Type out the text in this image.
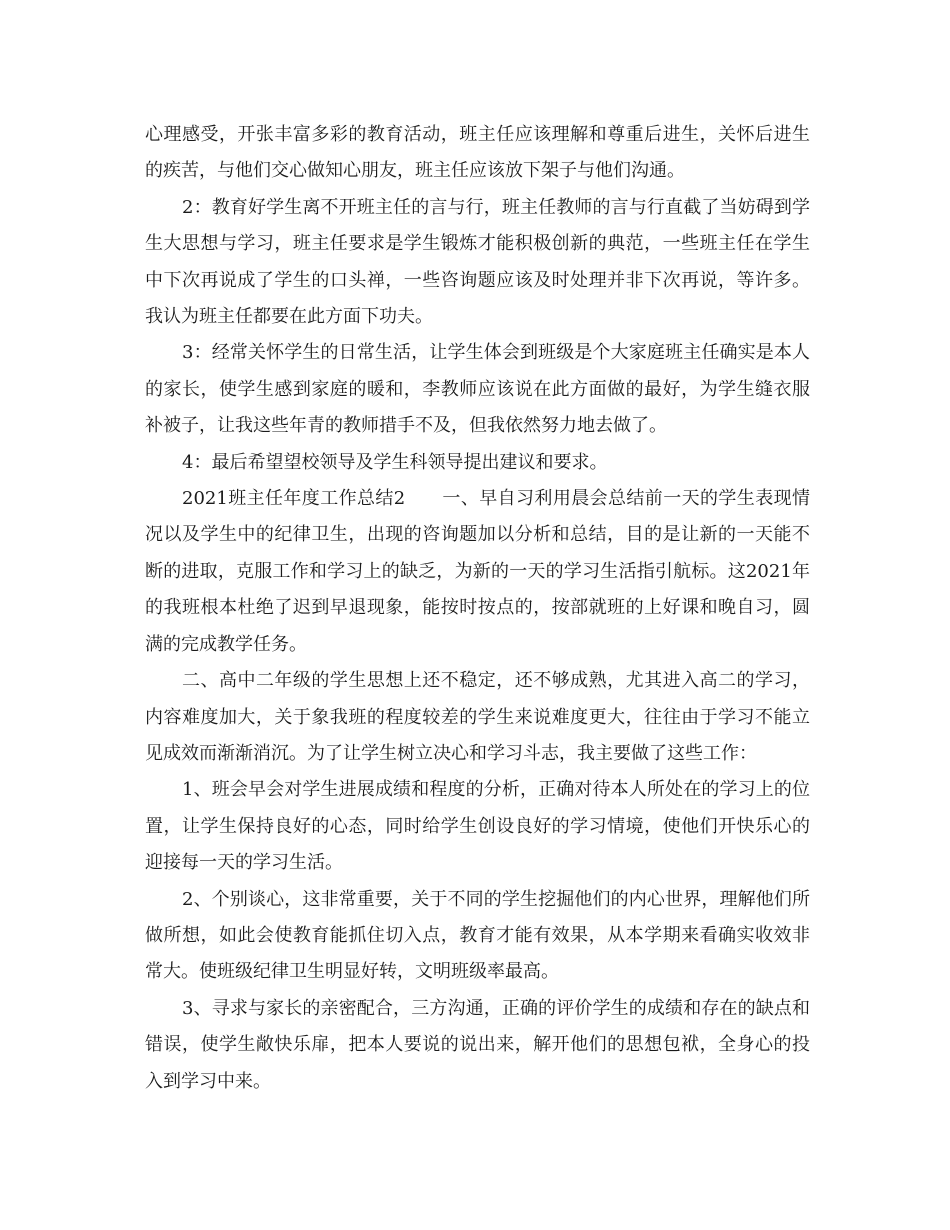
心理感受，开张丰富多彩的教育活动，班主任应该理解和尊重后进生，关怀后进生的疾苦，与他们交心做知心朋友，班主任应该放下架子与他们沟通。

2：教育好学生离不开班主任的言与行，班主任教师的言与行直截了当妨碍到学生大思想与学习，班主任要求是学生锻炼才能积极创新的典范，一些班主任在学生中下次再说成了学生的口头禅，一些咨询题应该及时处理并非下次再说，等许多。我认为班主任都要在此方面下功夫。

3：经常关怀学生的日常生活，让学生体会到班级是个大家庭班主任确实是本人的家长，使学生感到家庭的暖和，李教师应该说在此方面做的最好，为学生缝衣服补被子，让我这些年青的教师措手不及，但我依然努力地去做了。

4：最后希望望校领导及学生科领导提出建议和要求。

2021班主任年度工作总结2　　一、早自习利用晨会总结前一天的学生表现情况以及学生中的纪律卫生，出现的咨询题加以分析和总结，目的是让新的一天能不断的进取，克服工作和学习上的缺乏，为新的一天的学习生活指引航标。这2021年的我班根本杜绝了迟到早退现象，能按时按点的，按部就班的上好课和晚自习，圆满的完成教学任务。

二、高中二年级的学生思想上还不稳定，还不够成熟，尤其进入高二的学习，内容难度加大，关于象我班的程度较差的学生来说难度更大，往往由于学习不能立见成效而渐渐消沉。为了让学生树立决心和学习斗志，我主要做了这些工作：

1、班会早会对学生进展成绩和程度的分析，正确对待本人所处在的学习上的位置，让学生保持良好的心态，同时给学生创设良好的学习情境，使他们开快乐心的迎接每一天的学习生活。

2、个别谈心，这非常重要，关于不同的学生挖掘他们的内心世界，理解他们所做所想，如此会使教育能抓住切入点，教育才能有效果，从本学期来看确实收效非常大。使班级纪律卫生明显好转，文明班级率最高。

3、寻求与家长的亲密配合，三方沟通，正确的评价学生的成绩和存在的缺点和错误，使学生敞快乐扉，把本人要说的说出来，解开他们的思想包袱，全身心的投入到学习中来。
